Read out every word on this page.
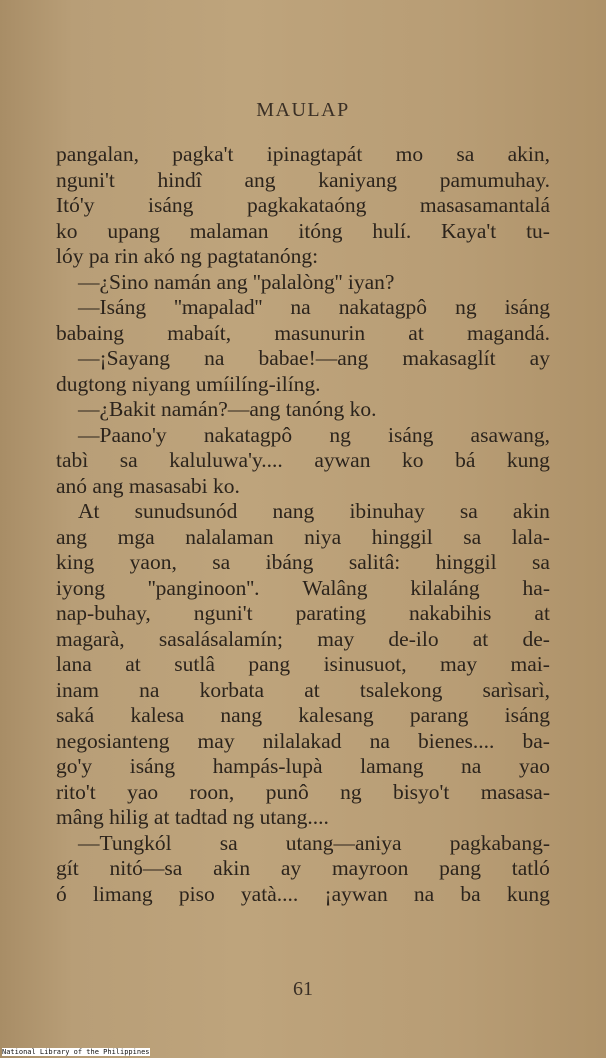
MAULAP
pangalan, pagka't ipinagtapát mo sa akin,
nguni't hindî ang kaniyang pamumuhay.
Itó'y isáng pagkakataóng masasamantalá
ko upang malaman itóng hulí. Kaya't tu-
lóy pa rin akó ng pagtatanóng:
—¿Sino namán ang ''palalòng'' iyan?
—Isáng ''mapalad'' na nakatagpô ng isáng
babaing mabaít, masunurin at magandá.
—¡Sayang na babae!—ang makasaglít ay
dugtong niyang umíilíng-ilíng.
—¿Bakit namán?—ang tanóng ko.
—Paano'y nakatagpô ng isáng asawang,
tabì sa kaluluwa'y.... aywan ko bá kung
anó ang masasabi ko.
At sunudsunód nang ibinuhay sa akin
ang mga nalalaman niya hinggil sa lala-
king yaon, sa ibáng salitâ: hinggil sa
iyong ''panginoon''. Walâng kilaláng ha-
nap-buhay, nguni't parating nakabihis at
magarà, sasalásalamín; may de-ilo at de-
lana at sutlâ pang isinusuot, may mai-
inam na korbata at tsalekong sarìsarì,
saká kalesa nang kalesang parang isáng
negosianteng may nilalakad na bienes.... ba-
go'y isáng hampás-lupà lamang na yao
rito't yao roon, punô ng bisyo't masasa-
mâng hilig at tadtad ng utang....
—Tungkól sa utang—aniya pagkabang-
gít nitó—sa akin ay mayroon pang tatló
ó limang piso yatà.... ¡aywan na ba kung
61
National Library of the Philippines
